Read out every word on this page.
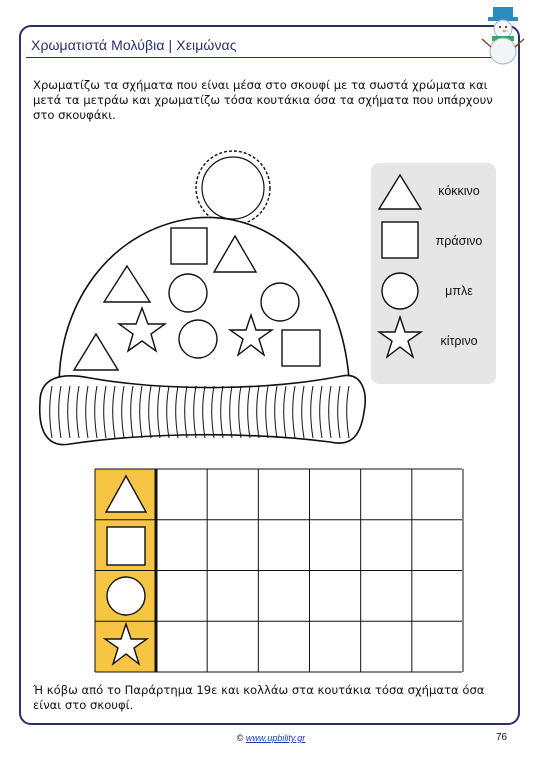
Χρωματιστά Μολύβια | Χειμώνας
Χρωματίζω τα σχήματα που είναι μέσα στο σκουφί με τα σωστά χρώματα και μετά τα μετράω και χρωματίζω τόσα κουτάκια όσα τα σχήματα που υπάρχουν στο σκουφάκι.
κόκκινο
πράσινο
μπλε
κίτρινο
Ή κόβω από το Παράρτημα 19ε και κολλάω στα κουτάκια τόσα σχήματα όσα είναι στο σκουφί.
© www.upbility.gr	76
